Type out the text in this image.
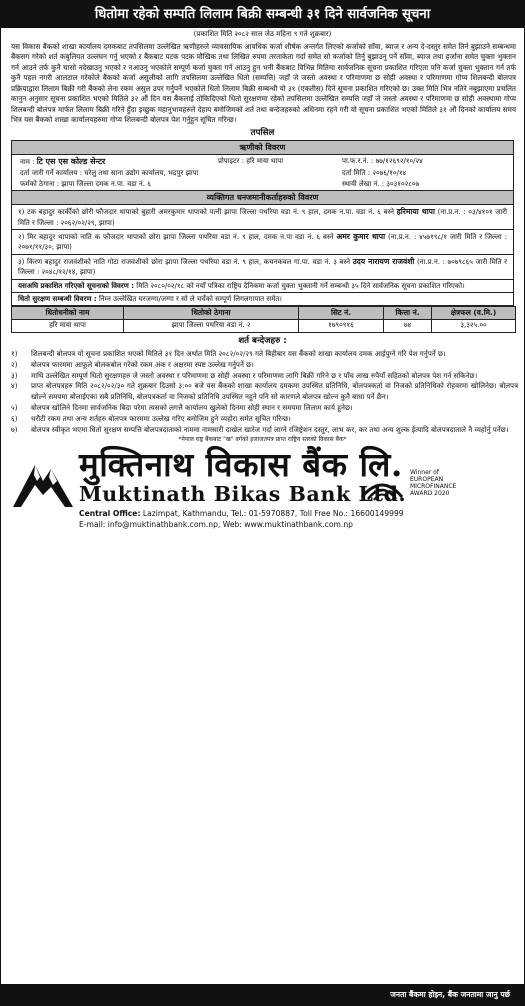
धितोमा रहेको सम्पति लिलाम बिक्री सम्बन्धी ३१ दिने सार्वजनिक सूचना
(प्रकाशित मिति २०८२ साल जेठ महिना ९ गते शुक्रबार)

यस विकास बैंकको शाखा कार्यालय दमकबाट तपसिलमा उल्लेखित ऋणीहरुले व्यावसायिक आवधिक कर्जा शीर्षक अन्तर्गत लिएको कर्जाको साँवा, ब्याज र अन्य दे-दस्तुर समेत तिर्न बुझाउने सम्बन्धमा बैंकसग गरेको शर्त कबुलियत उल्लंघन गर्नु भएको र बैंकबाट पटक पटक मौखिक तथा लिखित रुपमा तरताकेता गर्दा समेत सो कर्जाको तिर्नु बुझाउनु पर्ने साँवा, ब्याज तथा हर्जाना समेत चुक्ता भुक्तान गर्न आउने तर्फ कुनै चासो नदेखाउनु भएको र नआउनु भएकोले सम्पूर्ण कर्जा चुक्ता गर्न आउनु हुन भनी बैंकबाट विभिन्न मितिमा सार्वजनिक सूचना प्रकाशित गरिएता पनि कर्जा चुक्ता भुक्तान गर्न तर्फ कुनै पहल नगरी आलटाल गरेकोले बैंकको कर्जा असुलीको लागि तपसिलमा उल्लेखित धितो (सम्पत्ति) जहाँ जे जस्तो अवस्था र परिमाणमा छ सोही अवस्था र परिमाणमा गोप्य शिलबन्दी बोलपत्र प्रक्रियाद्वारा लिलाम बिक्री गरी बैंकको लेना रकम असुल उपर गर्नुपर्ने भएकोले धितो लिलाम बिक्री सम्बन्धी यो ३१ (एकतीस) दिने सूचना प्रकाशित गरिएको छ। उक्त मिति भित्र नतिरे नबुझाएमा प्रचलित कानुन अनुसार सूचना प्रकाशित भएको मितिले ३२ औं दिन यस बैंकलाई तोकिदिएको धितो सुरक्षणमा रहेको तपसिलमा उल्लेखित सम्पत्ति जहाँ जे जस्तो अवस्था र परिमाणमा छ सोही अवस्थामा गोप्य शिलबन्दी बोलपत्र मार्फत लिलाम बिक्री गरिने हुँदा इच्छुक महानुभावहरुले देहाय बमोजिमको शर्त तथा बन्देजहरुको अधिनमा रहने गरी यो सूचना प्रकाशित भएको मितिले ३१ औं दिनको कार्यालय समय भित्र यस बैंकको शाखा कार्यालयहरुमा गोप्य शिलबन्दी बोलपत्र पेश गर्नुहुन सूचित गरिन्छ।

तपसिल
ऋणीको विवरण
नाम : टि एस एस कोल्ड सेन्टर	प्रोपाइटर : हरि माया थापा	पा.फ.र.नं. : ७७/१२६९२/१०/२४
दर्ता जारी गर्ने कार्यालय : घरेलु तथा साना उद्योग कार्यालय, भद्रपुर झापा	दर्ता मिति : २०७६/१०/१४
फर्मको ठेगाना : झापा जिल्ला दमक न.पा. वडा नं. ६	स्थायी लेखा नं. : ३०३१०२८०७
व्यक्तिगत धनजमानीकर्ताहरुको विवरण
१) टक बहादुर कार्कीको छोरी फौजदार थापाको बुहारी अमरकुमार थापाको पत्नी झापा जिल्ला पथरिया वडा नं. ९ हाल, दमक न.पा. वडा नं. ६ बस्ने हरिमाया थापा (ना.प्र.न. : ०३/४१०१ जारी मिति र जिल्ला : २०६२/०२/२९, झापा)
२) मिर बहादुर थापाको नाति क फौजदार थापाको छोरा झापा जिल्ला पथरिया वडा नं. ९ हाल, दमक न.पा वडा नं. ६ बस्ने अमर कुमार थापा (ना.प्र.न. : ४५७१९८/१ जारी मिति र जिल्ला : २०७१/११/३०, झापा)
३) किरण बहादुर राजवंशीको नाति गोटा राजवंशीको छोरा झापा जिल्ला पथरिया वडा नं. ९ हाल, कचनकवल गा.पा. वडा नं. ३ बस्ने उदय नारायण राजवंशी (ना.प्र.न. : ७०७९८६५ जारी मिति र जिल्ला : २०४८/१२/१४, झापा)
यसअघि प्रकाशित गरिएको सूचनाको विवरण : मिति २०८०/०२/१८ को नयाँ पत्रिका राष्ट्रिय दैनिकमा कर्जा चुक्ता भुक्तानी गर्ने सम्बन्धी ३५ दिने सार्वजनिक सूचना प्रकाशित गरिएको।
धितो सुरक्षण सम्बन्धी विवरण : निम्न उल्लेखित घरजग्गा/जग्गा र सो ले चर्चेको सम्पूर्ण लिगलगापात समेत।
धितोधनीको नाम	धितोको ठेगाना	सिट नं.	कित्ता नं.	क्षेत्रफल (व.मि.)
हरि माया थापा	झापा जिल्ला पथरिया वडा नं. २	१७९०९१६	७४	३,३२५.००
शर्त बन्देजहरु :
१)	शिलबन्दी बोलपत्र यो सूचना प्रकाशित भएको मितिले ३१ दिन अर्थात मिति २०८२/०२/२९ गते बिहीबार यस बैंकको शाखा कार्यालय दमक आईपुग्ने गरि पेश गर्नुपर्ने छ।
२)	बोलपत्र फारममा आफूले बोलकबोल गरेको रकम अंक र अक्षरमा स्पष्ट उल्लेख गर्नुपर्ने छ।
३)	माथि उल्लेखित सम्पूर्ण धितो सुरक्षणहरु जे जस्तो अवस्था र परिमाणमा छ सोही अवस्था र परिमाणमा लागि बिक्री गरिने छ र पाँच लाख रुपैयाँ सहितको बोलपत्र पेश गर्न सकिनेछ।
४)	प्राप्त बोलपत्रहरु मिति २०८२/०२/३० गते शुक्रबार दिउसो ३:०० बजे यस बैंकको शाखा कार्यालय दमकमा उपस्थित प्रतिनिधि, बोलपत्रकर्ता वा निजको प्रतिनिधिको रोहवरमा खोलिनेछ। बोलपत्र खोल्ने समयमा बोलाईएका सबै प्रतिनिधि, बोलपत्रकर्ता वा निजको प्रतिनिधि उपस्थित नहुने पनि सो कारणले बोलपत्र खोल्न कुनै बाधा पर्ने छैन।
५)	बोलपत्र खोलिने दिनमा सार्वजनिक बिदा परेमा त्यसको लगत्तै कार्यालय खुलेको दिनमा सोही स्थान र समयमा लिलाम कार्य हुनेछ।
६)	धरौटी रकम तथा अन्य शर्तहरु बोलपत्र फारममा उल्लेख गरिए बमोजिम हुने व्यहोरा समेत सूचित गरिन्छ।
७)	बोलपत्र स्वीकृत भएमा धितो सुरक्षण सम्पत्ति बोलपत्रदाताको नाममा नामसारी दाखेल खारेज गर्दा लाग्ने रजिष्ट्रेशन दस्तुर, लाभ कर, कर तथा अन्य शुल्क ईत्यादि बोलपत्रदाताले नै व्यहोर्नु पर्नेछ।
*नेपाल राष्ट्र बैंकबाट "ख" वर्गको इजाजतपत्र प्राप्त राष्ट्रिय स्तरको विकास बैंक*
मुक्तिनाथ विकास बैंक लि.
Muktinath Bikas Bank Ltd.
Winner of
EUROPEAN
MICROFINANCE
AWARD 2020
Central Office: Lazimpat, Kathmandu, Tel.: 01-5970887, Toll Free No.: 16600149999
E-mail: info@muktinathbank.com.np, Web: www.muktinathbank.com.np
जनता बैंकमा होइन, बैंक जनतामा जानु पर्छ
